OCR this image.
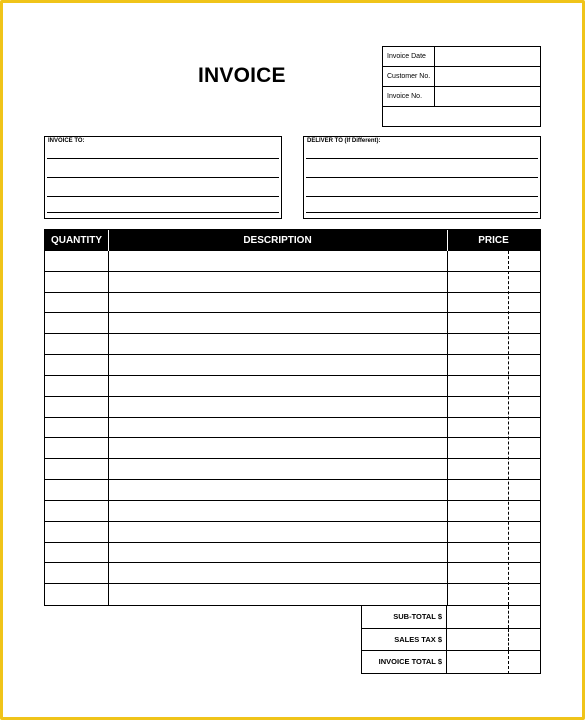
INVOICE
Invoice Date
Customer No.
Invoice No.
INVOICE TO:	DELIVER TO (If Different):
QUANTITY	DESCRIPTION	PRICE
SUB-TOTAL $
SALES TAX $
INVOICE TOTAL $
